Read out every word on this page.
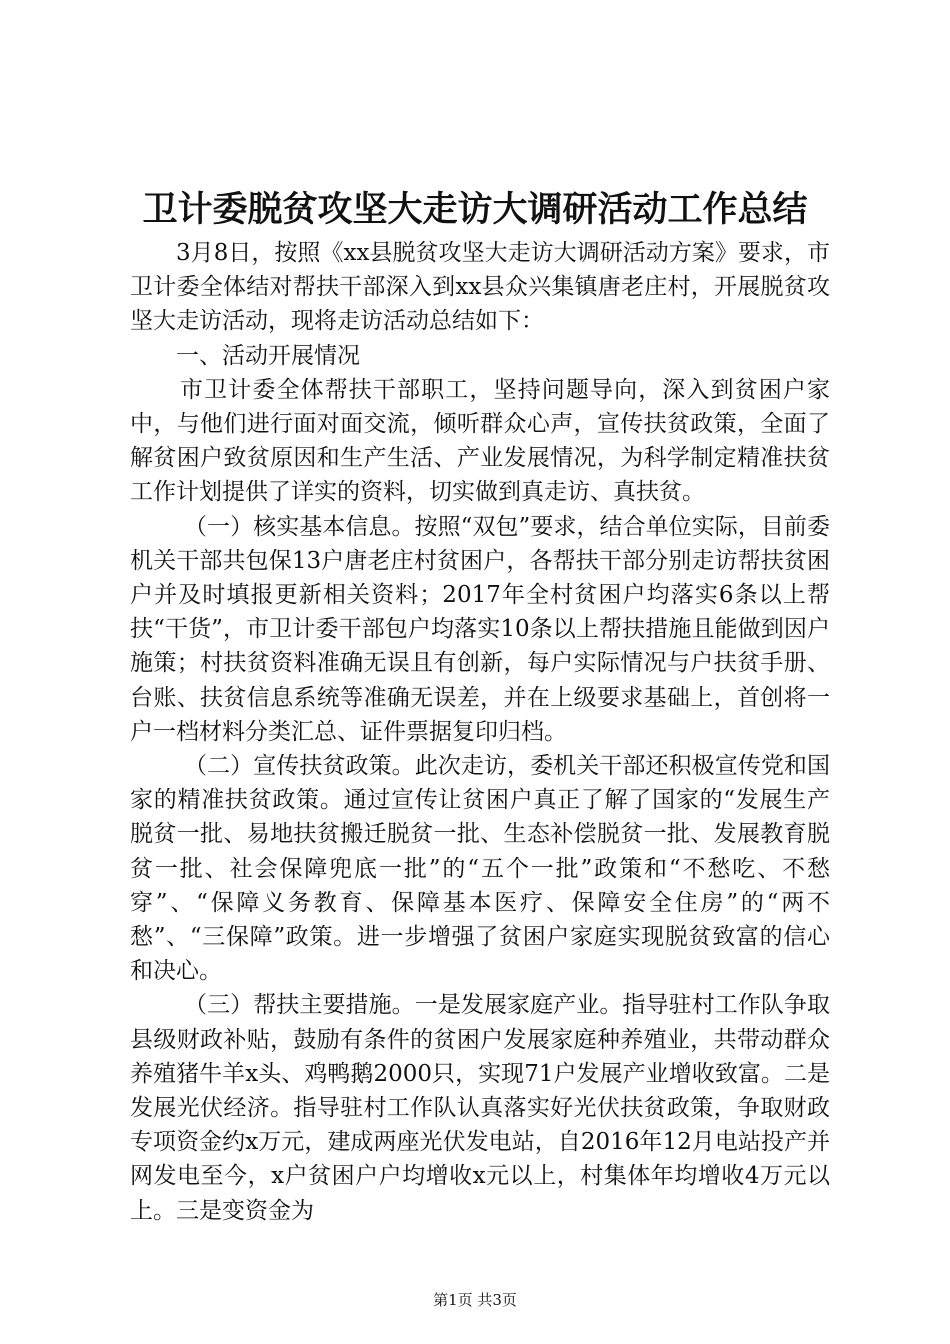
卫计委脱贫攻坚大走访大调研活动工作总结

3月8日，按照《xx县脱贫攻坚大走访大调研活动方案》要求，市卫计委全体结对帮扶干部深入到xx县众兴集镇唐老庄村，开展脱贫攻坚大走访活动，现将走访活动总结如下：

一、活动开展情况

市卫计委全体帮扶干部职工，坚持问题导向，深入到贫困户家中，与他们进行面对面交流，倾听群众心声，宣传扶贫政策，全面了解贫困户致贫原因和生产生活、产业发展情况，为科学制定精准扶贫工作计划提供了详实的资料，切实做到真走访、真扶贫。

（一）核实基本信息。按照“双包”要求，结合单位实际，目前委机关干部共包保13户唐老庄村贫困户，各帮扶干部分别走访帮扶贫困户并及时填报更新相关资料；2017年全村贫困户均落实6条以上帮扶“干货”，市卫计委干部包户均落实10条以上帮扶措施且能做到因户施策；村扶贫资料准确无误且有创新，每户实际情况与户扶贫手册、台账、扶贫信息系统等准确无误差，并在上级要求基础上，首创将一户一档材料分类汇总、证件票据复印归档。

（二）宣传扶贫政策。此次走访，委机关干部还积极宣传党和国家的精准扶贫政策。通过宣传让贫困户真正了解了国家的“发展生产脱贫一批、易地扶贫搬迁脱贫一批、生态补偿脱贫一批、发展教育脱贫一批、社会保障兜底一批”的“五个一批”政策和“不愁吃、不愁穿”、“保障义务教育、保障基本医疗、保障安全住房”的“两不愁”、“三保障”政策。进一步增强了贫困户家庭实现脱贫致富的信心和决心。

（三）帮扶主要措施。一是发展家庭产业。指导驻村工作队争取县级财政补贴，鼓励有条件的贫困户发展家庭种养殖业，共带动群众养殖猪牛羊x头、鸡鸭鹅2000只，实现71户发展产业增收致富。二是发展光伏经济。指导驻村工作队认真落实好光伏扶贫政策，争取财政专项资金约x万元，建成两座光伏发电站，自2016年12月电站投产并网发电至今，x户贫困户户均增收x元以上，村集体年均增收4万元以上。三是变资金为

第1页 共3页
